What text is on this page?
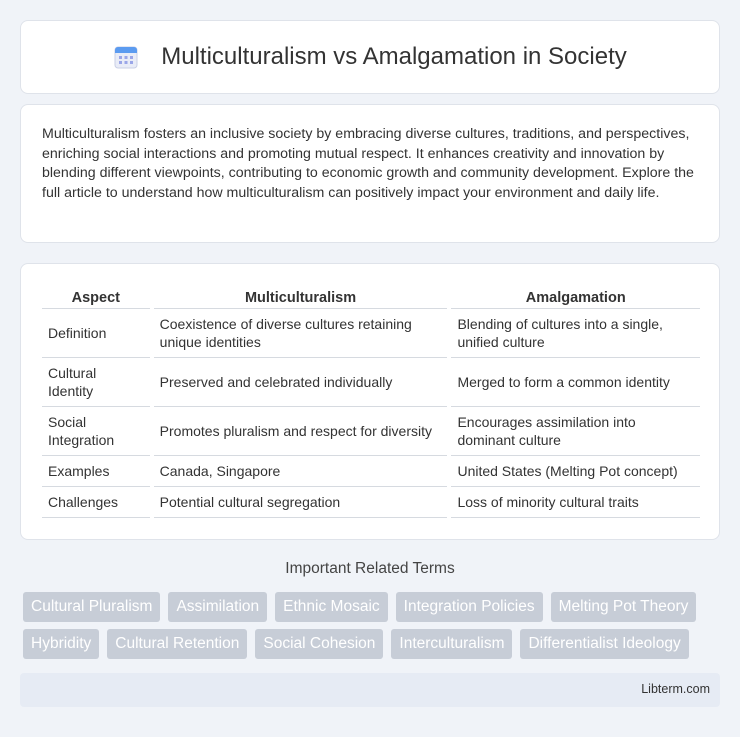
Multiculturalism vs Amalgamation in Society

Multiculturalism fosters an inclusive society by embracing diverse cultures, traditions, and perspectives, enriching social interactions and promoting mutual respect. It enhances creativity and innovation by blending different viewpoints, contributing to economic growth and community development. Explore the full article to understand how multiculturalism can positively impact your environment and daily life.

Aspect	Multiculturalism	Amalgamation
Definition	Coexistence of diverse cultures retaining unique identities	Blending of cultures into a single, unified culture
Cultural Identity	Preserved and celebrated individually	Merged to form a common identity
Social Integration	Promotes pluralism and respect for diversity	Encourages assimilation into dominant culture
Examples	Canada, Singapore	United States (Melting Pot concept)
Challenges	Potential cultural segregation	Loss of minority cultural traits
Important Related Terms
Cultural Pluralism	Assimilation	Ethnic Mosaic	Integration Policies	Melting Pot Theory
Hybridity	Cultural Retention	Social Cohesion	Interculturalism	Differentialist Ideology
Libterm.com
